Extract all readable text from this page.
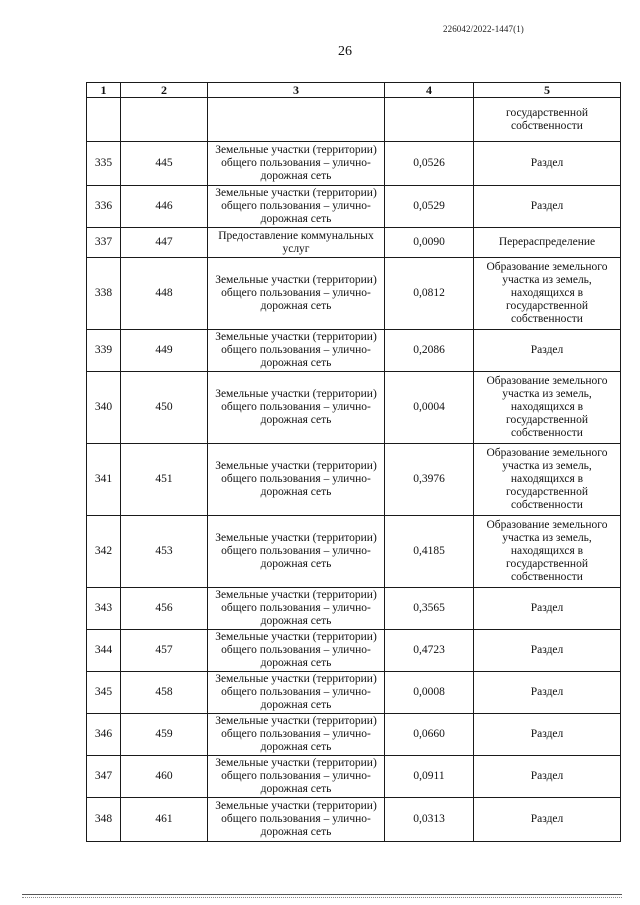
226042/2022-1447(1)
26
1	2	3	4	5
				государственной собственности
335	445	Земельные участки (территории) общего пользования – улично-дорожная сеть	0,0526	Раздел
336	446	Земельные участки (территории) общего пользования – улично-дорожная сеть	0,0529	Раздел
337	447	Предоставление коммунальных услуг	0,0090	Перераспределение
338	448	Земельные участки (территории) общего пользования – улично-дорожная сеть	0,0812	Образование земельного участка из земель, находящихся в государственной собственности
339	449	Земельные участки (территории) общего пользования – улично-дорожная сеть	0,2086	Раздел
340	450	Земельные участки (территории) общего пользования – улично-дорожная сеть	0,0004	Образование земельного участка из земель, находящихся в государственной собственности
341	451	Земельные участки (территории) общего пользования – улично-дорожная сеть	0,3976	Образование земельного участка из земель, находящихся в государственной собственности
342	453	Земельные участки (территории) общего пользования – улично-дорожная сеть	0,4185	Образование земельного участка из земель, находящихся в государственной собственности
343	456	Земельные участки (территории) общего пользования – улично-дорожная сеть	0,3565	Раздел
344	457	Земельные участки (территории) общего пользования – улично-дорожная сеть	0,4723	Раздел
345	458	Земельные участки (территории) общего пользования – улично-дорожная сеть	0,0008	Раздел
346	459	Земельные участки (территории) общего пользования – улично-дорожная сеть	0,0660	Раздел
347	460	Земельные участки (территории) общего пользования – улично-дорожная сеть	0,0911	Раздел
348	461	Земельные участки (территории) общего пользования – улично-дорожная сеть	0,0313	Раздел
